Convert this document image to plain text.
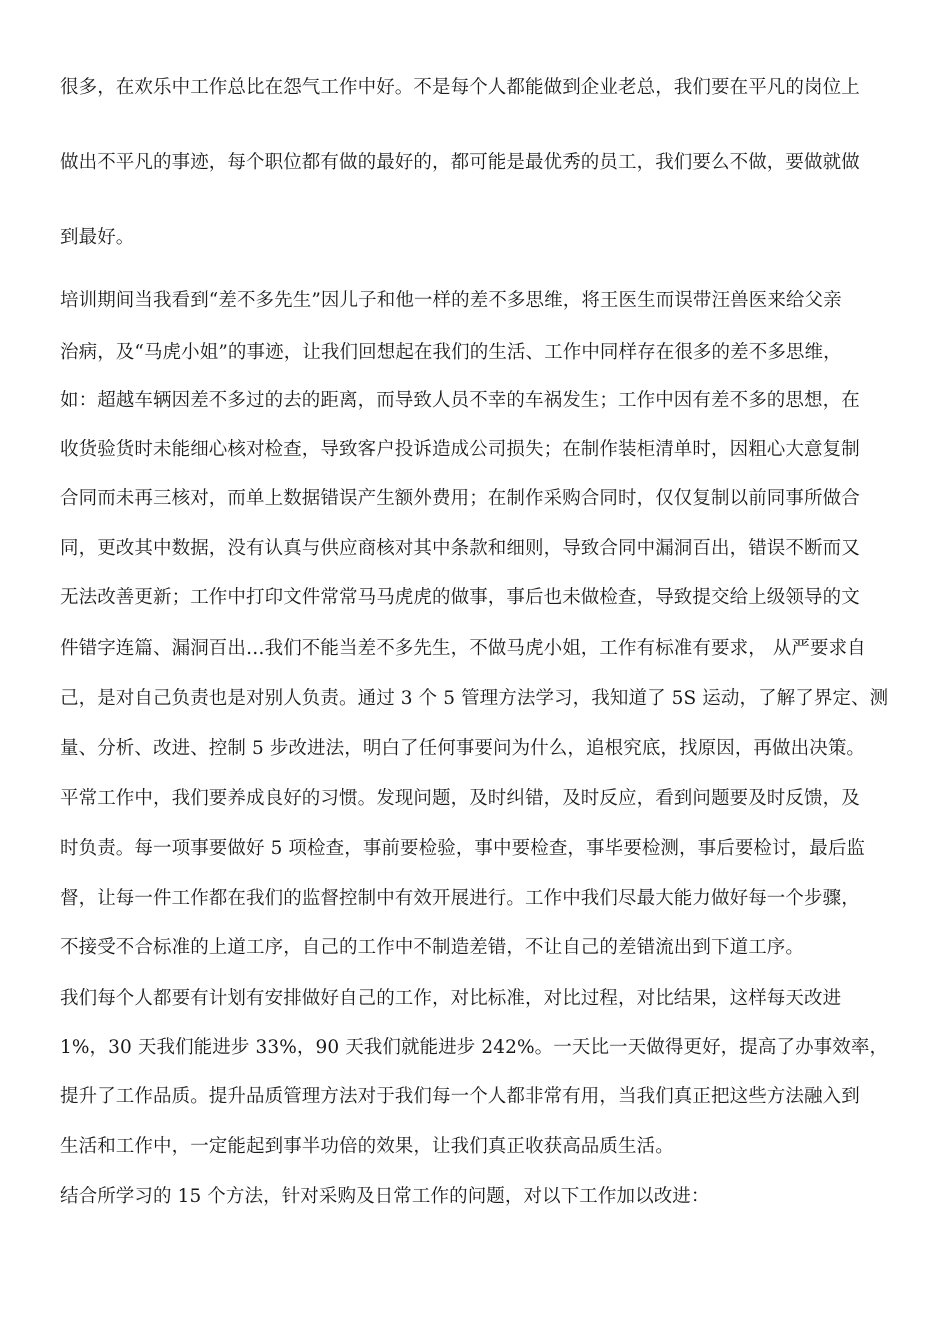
很多，在欢乐中工作总比在怨气工作中好。不是每个人都能做到企业老总，我们要在平凡的岗位上
做出不平凡的事迹，每个职位都有做的最好的，都可能是最优秀的员工，我们要么不做，要做就做
到最好。
培训期间当我看到“差不多先生”因儿子和他一样的差不多思维，将王医生而误带汪兽医来给父亲
治病，及“马虎小姐”的事迹，让我们回想起在我们的生活、工作中同样存在很多的差不多思维，
如：超越车辆因差不多过的去的距离，而导致人员不幸的车祸发生；工作中因有差不多的思想，在
收货验货时未能细心核对检查，导致客户投诉造成公司损失；在制作装柜清单时，因粗心大意复制
合同而未再三核对，而单上数据错误产生额外费用；在制作采购合同时，仅仅复制以前同事所做合
同，更改其中数据，没有认真与供应商核对其中条款和细则，导致合同中漏洞百出，错误不断而又
无法改善更新；工作中打印文件常常马马虎虎的做事，事后也未做检查，导致提交给上级领导的文
件错字连篇、漏洞百出…我们不能当差不多先生，不做马虎小姐，工作有标准有要求， 从严要求自
己，是对自己负责也是对别人负责。通过 3 个 5 管理方法学习，我知道了 5S 运动，了解了界定、测
量、分析、改进、控制 5 步改进法，明白了任何事要问为什么，追根究底，找原因，再做出决策。
平常工作中，我们要养成良好的习惯。发现问题，及时纠错，及时反应，看到问题要及时反馈，及
时负责。每一项事要做好 5 项检查，事前要检验，事中要检查，事毕要检测，事后要检讨，最后监
督，让每一件工作都在我们的监督控制中有效开展进行。工作中我们尽最大能力做好每一个步骤，
不接受不合标准的上道工序，自己的工作中不制造差错，不让自己的差错流出到下道工序。
我们每个人都要有计划有安排做好自己的工作，对比标准，对比过程，对比结果，这样每天改进
1%，30 天我们能进步 33%，90 天我们就能进步 242%。一天比一天做得更好，提高了办事效率，
提升了工作品质。提升品质管理方法对于我们每一个人都非常有用，当我们真正把这些方法融入到
生活和工作中，一定能起到事半功倍的效果，让我们真正收获高品质生活。
结合所学习的 15 个方法，针对采购及日常工作的问题，对以下工作加以改进：
